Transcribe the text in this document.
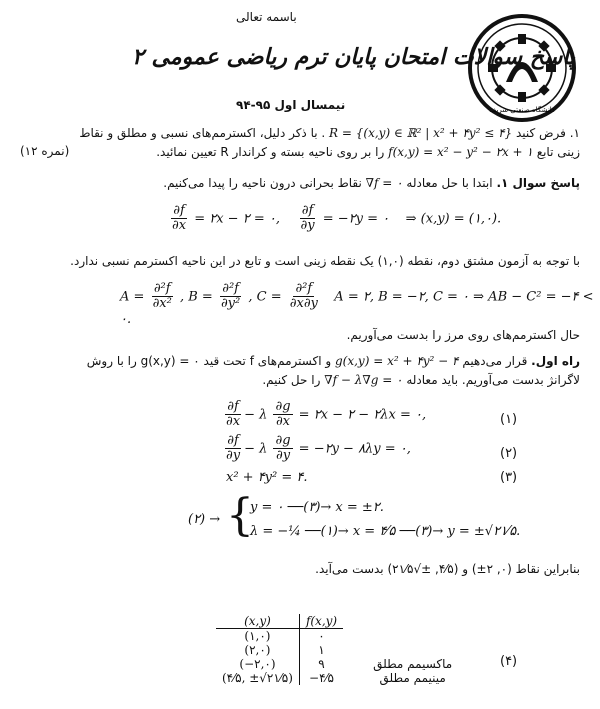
دانشگاه صنعتی شریف
باسمه تعالی
پاسخ سوالات امتحان پایان ترم ریاضی عمومی ۲
نیمسال اول ۹۵-۹۴
۱. فرض کنید R = {(x,y) ∈ ℝ² | x² + ۴y² ≤ ۴} . با ذکر دلیل، اکسترمم‌های نسبی و مطلق و نقاط
زینی تابع f(x,y) = x² − y² − ۲x + ۱ را بر روی ناحیه بسته و کراندار R تعیین نمائید.
(۱۲ نمره)
پاسخ سوال ۱. ابتدا با حل معادله ∇f = ۰ نقاط بحرانی درون ناحیه را پیدا می‌کنیم.
$\frac{\partial f}{\partial x}$ = ۲x − ۲ = ۰, $\frac{\partial f}{\partial y}$ = −۲y = ۰ ⇒ (x,y) = (۱,۰).
با توجه به آزمون مشتق دوم، نقطه (۱,۰) یک نقطه زینی است و تابع در این ناحیه اکسترمم نسبی ندارد.
$A = \frac{\text{∂²f}}{\text{∂x²}}$ , $B = \frac{\text{∂²f}}{\text{∂y²}}$ , $C = \frac{\text{∂²f}}{\partial x\partial y}$ A = ۲, B = −۲, C = ۰ ⇒ AB − C² = −۴ < ۰.
حال اکسترمم‌های روی مرز را بدست می‌آوریم.
راه اول. قرار می‌دهیم g(x,y) = x² + ۴y² − ۴ و اکسترمم‌های f تحت قید g(x,y) = ۰ را با روش
لاگرانژ بدست می‌آوریم. باید معادله ∇f − λ∇g = ۰ را حل کنیم.
$\frac{\partial f}{\partial x} - \lambda \frac{\partial g}{\partial x}$ = ۲x − ۲ − ۲λx = ۰,	(۱)
$\frac{\partial f}{\partial y} - \lambda \frac{\partial g}{\partial y}$ = −۲y − ۸λy = ۰,	(۲)
x² + ۴y² = ۴.	(۳)
(۲) → {
y = ۰ ──(۳)→ x = ±۲.
λ = −¼ ──(۱)→ x = ۴⁄۵ ──(۳)→ y = ±√۲۱⁄۵.
بنابراین نقاط (۰, ۲±) و (۴⁄۵, ±√۲۱⁄۵) بدست می‌آید.
(x,y)	f(x,y)	
(۱,۰)	۰	
(۲,۰)	۱	
(−۲,۰)	۹	ماکسیمم مطلق
(۴⁄۵, ±√۲۱⁄۵)	−۴⁄۵	مینیمم مطلق
(۴)
